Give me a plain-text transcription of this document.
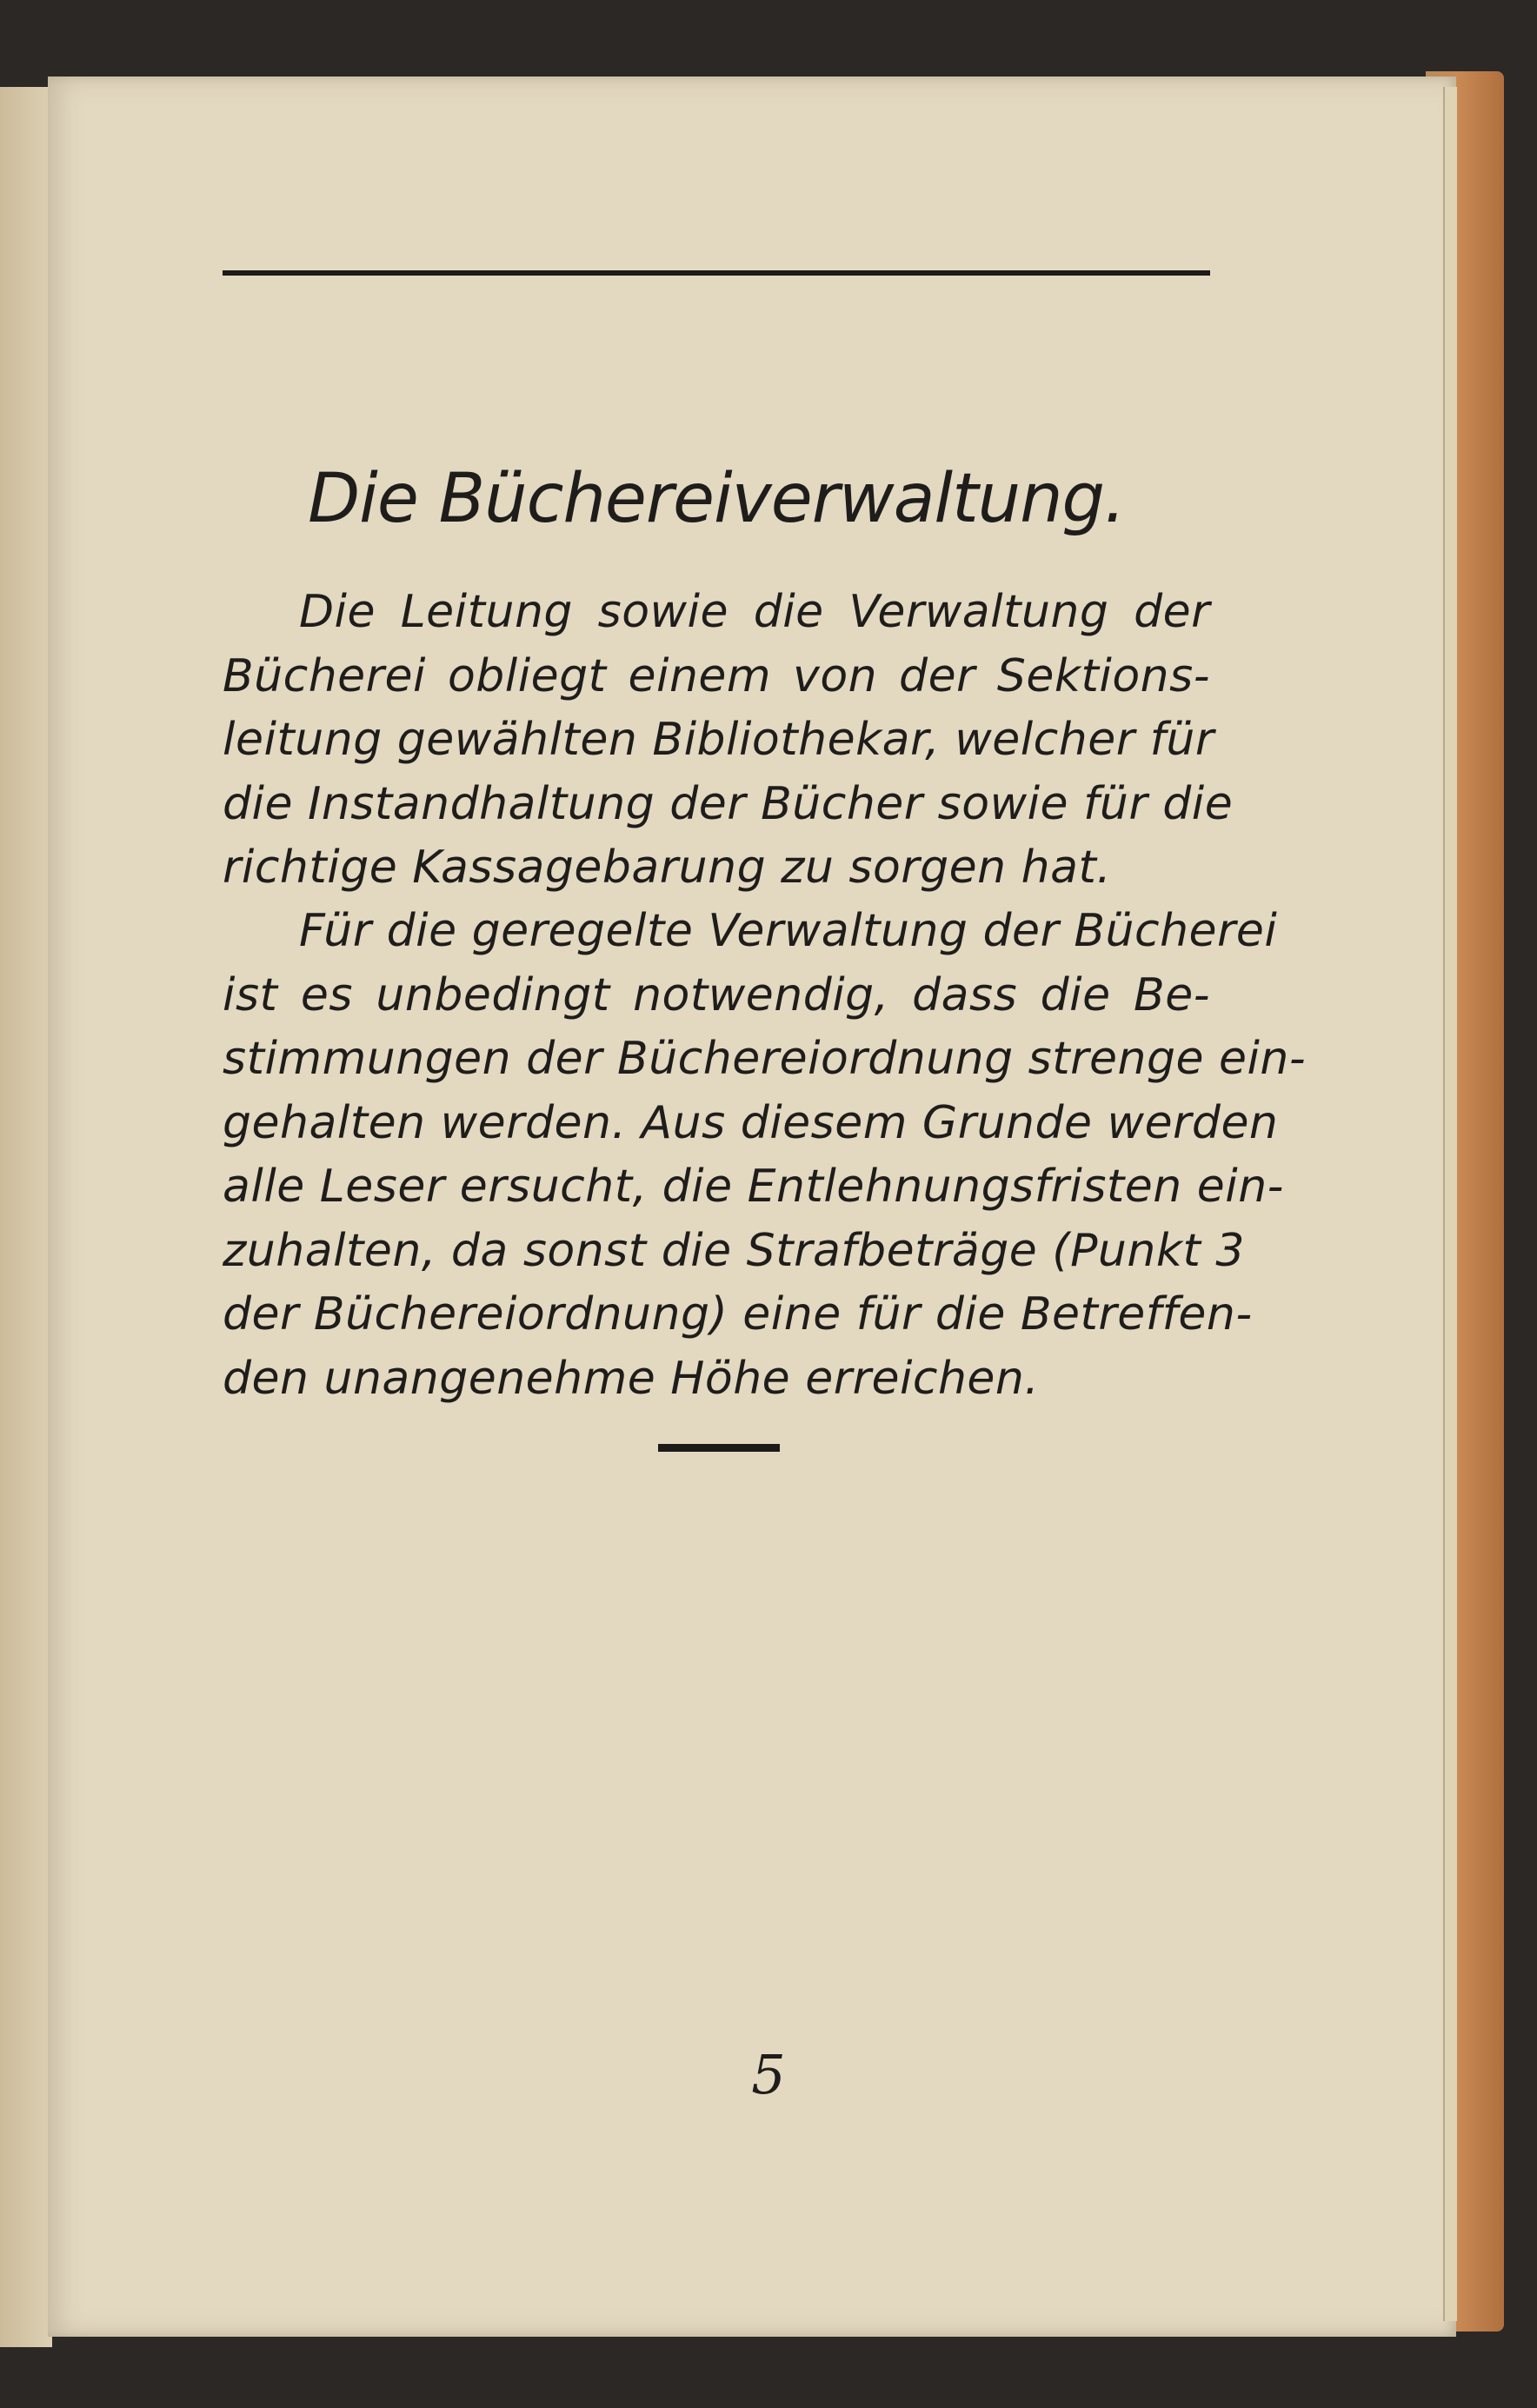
Die Büchereiverwaltung.
Die Leitung sowie die Verwaltung der
Bücherei obliegt einem von der Sektions-
leitung gewählten Bibliothekar, welcher für
die Instandhaltung der Bücher sowie für die
richtige Kassagebarung zu sorgen hat.
Für die geregelte Verwaltung der Bücherei
ist es unbedingt notwendig, dass die Be-
stimmungen der Büchereiordnung strenge ein-
gehalten werden. Aus diesem Grunde werden
alle Leser ersucht, die Entlehnungsfristen ein-
zuhalten, da sonst die Strafbeträge (Punkt 3
der Büchereiordnung) eine für die Betreffen-
den unangenehme Höhe erreichen.
5
